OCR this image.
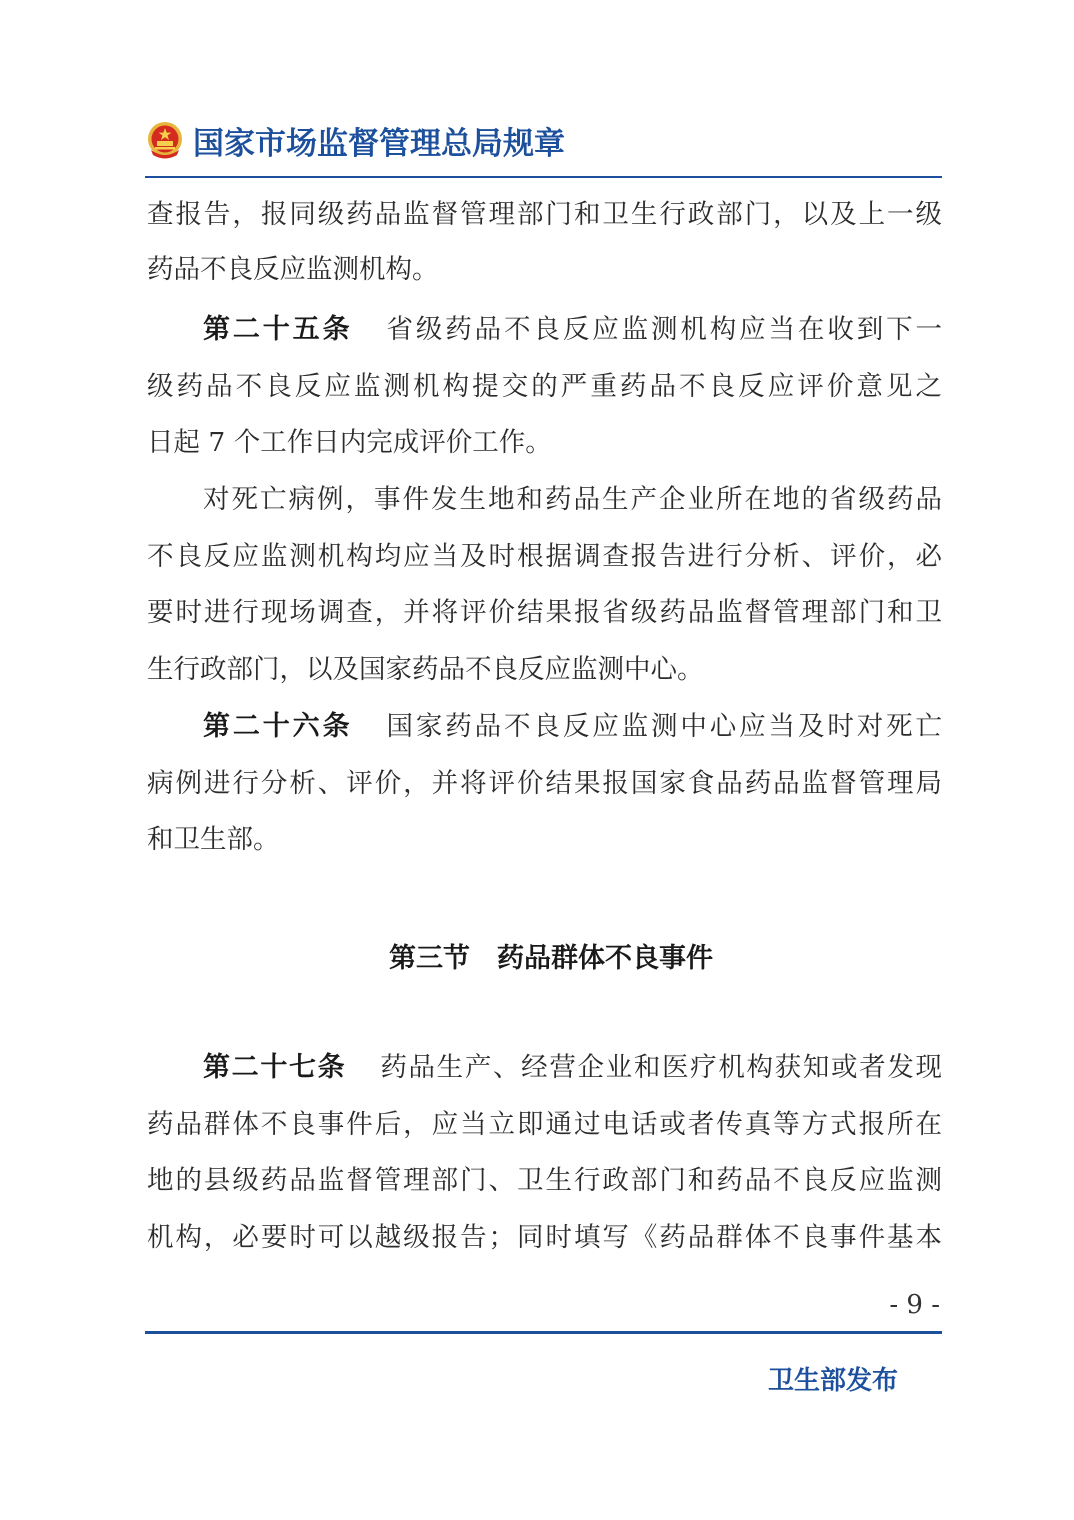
国家市场监督管理总局规章
查报告，报同级药品监督管理部门和卫生行政部门，以及上一级
药品不良反应监测机构。
第二十五条 省级药品不良反应监测机构应当在收到下一
级药品不良反应监测机构提交的严重药品不良反应评价意见之
日起 7 个工作日内完成评价工作。
对死亡病例，事件发生地和药品生产企业所在地的省级药品
不良反应监测机构均应当及时根据调查报告进行分析、评价，必
要时进行现场调查，并将评价结果报省级药品监督管理部门和卫
生行政部门，以及国家药品不良反应监测中心。
第二十六条 国家药品不良反应监测中心应当及时对死亡
病例进行分析、评价，并将评价结果报国家食品药品监督管理局
和卫生部。
第三节　药品群体不良事件
第二十七条 药品生产、经营企业和医疗机构获知或者发现
药品群体不良事件后，应当立即通过电话或者传真等方式报所在
地的县级药品监督管理部门、卫生行政部门和药品不良反应监测
机构，必要时可以越级报告；同时填写《药品群体不良事件基本
- 9 -
卫生部发布
